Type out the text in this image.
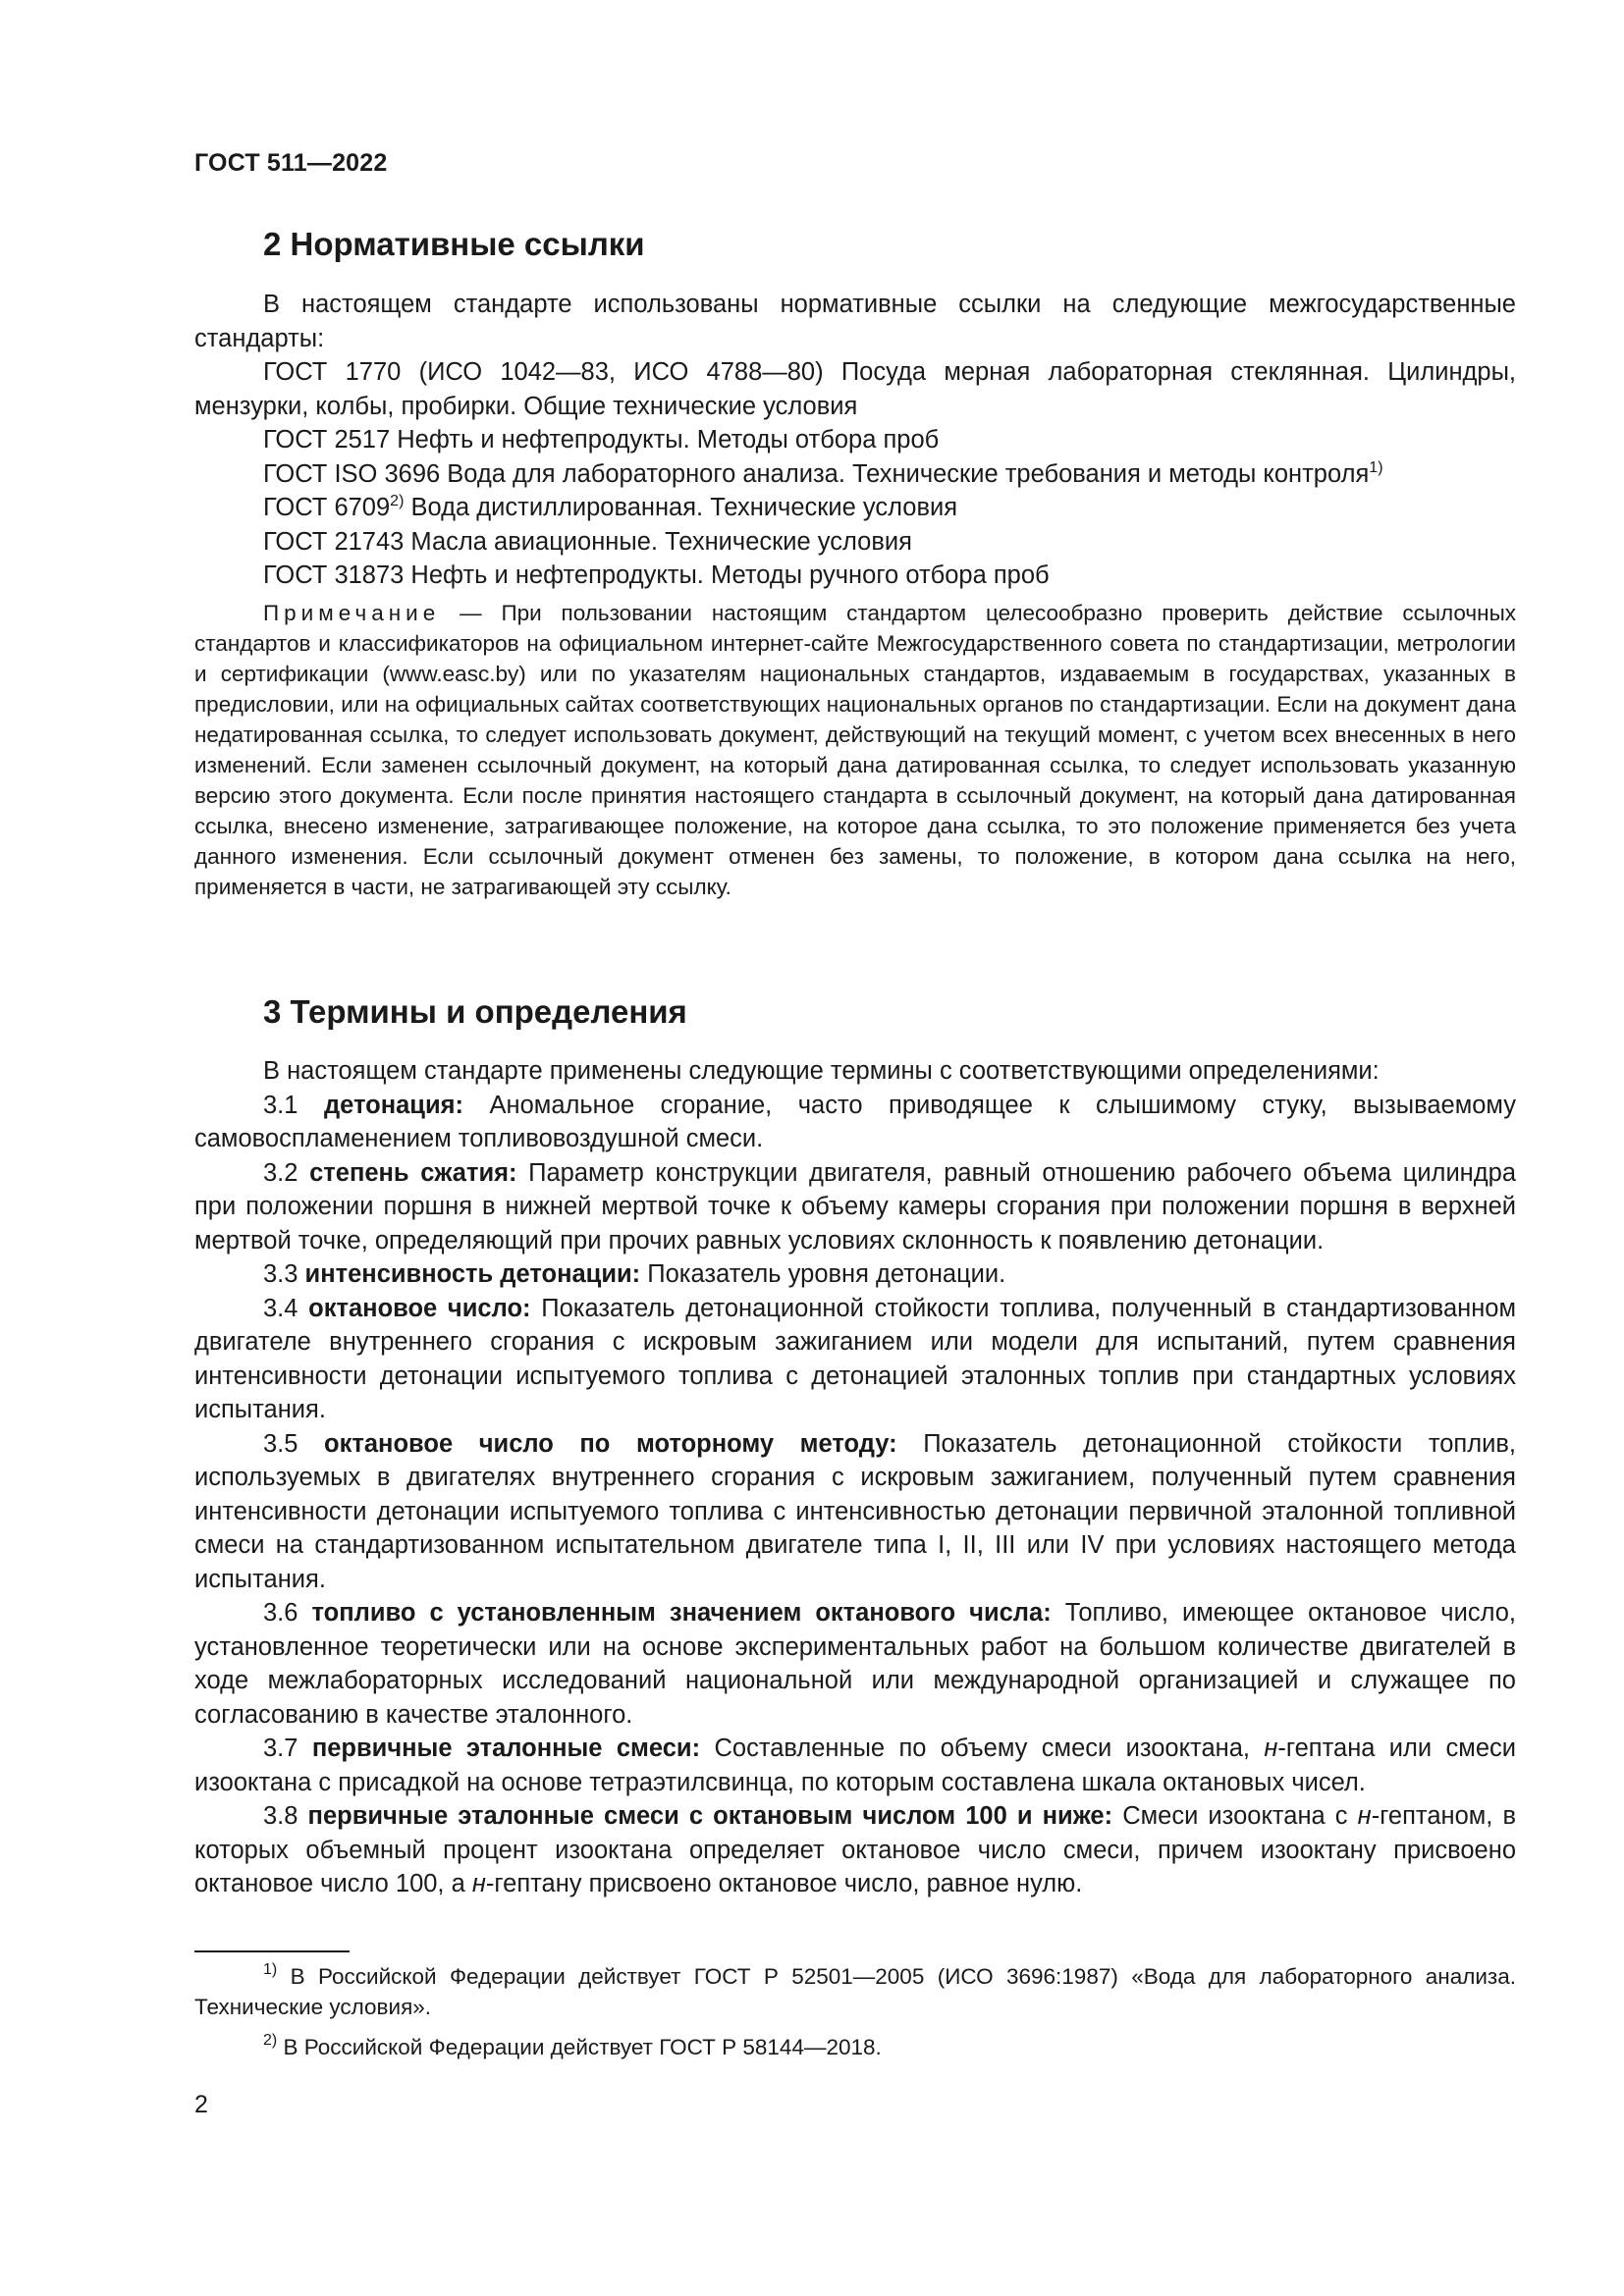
ГОСТ 511—2022
2 Нормативные ссылки

В настоящем стандарте использованы нормативные ссылки на следующие межгосударственные стандарты:

ГОСТ 1770 (ИСО 1042—83, ИСО 4788—80) Посуда мерная лабораторная стеклянная. Цилиндры, мензурки, колбы, пробирки. Общие технические условия

ГОСТ 2517 Нефть и нефтепродукты. Методы отбора проб

ГОСТ ISO 3696 Вода для лабораторного анализа. Технические требования и методы контроля$^{1)}$

ГОСТ 6709$^{2)}$ Вода дистиллированная. Технические условия

ГОСТ 21743 Масла авиационные. Технические условия

ГОСТ 31873 Нефть и нефтепродукты. Методы ручного отбора проб

Примечание — При пользовании настоящим стандартом целесообразно проверить действие ссылочных стандартов и классификаторов на официальном интернет-сайте Межгосударственного совета по стандартизации, метрологии и сертификации (www.easc.by) или по указателям национальных стандартов, издаваемым в государствах, указанных в предисловии, или на официальных сайтах соответствующих национальных органов по стандартизации. Если на документ дана недатированная ссылка, то следует использовать документ, действующий на текущий момент, с учетом всех внесенных в него изменений. Если заменен ссылочный документ, на который дана датированная ссылка, то следует использовать указанную версию этого документа. Если после принятия настоящего стандарта в ссылочный документ, на который дана датированная ссылка, внесено изменение, затрагивающее положение, на которое дана ссылка, то это положение применяется без учета данного изменения. Если ссылочный документ отменен без замены, то положение, в котором дана ссылка на него, применяется в части, не затрагивающей эту ссылку.

3 Термины и определения

В настоящем стандарте применены следующие термины с соответствующими определениями:

3.1 детонация: Аномальное сгорание, часто приводящее к слышимому стуку, вызываемому самовоспламенением топливовоздушной смеси.

3.2 степень сжатия: Параметр конструкции двигателя, равный отношению рабочего объема цилиндра при положении поршня в нижней мертвой точке к объему камеры сгорания при положении поршня в верхней мертвой точке, определяющий при прочих равных условиях склонность к появлению детонации.

3.3 интенсивность детонации: Показатель уровня детонации.

3.4 октановое число: Показатель детонационной стойкости топлива, полученный в стандартизованном двигателе внутреннего сгорания с искровым зажиганием или модели для испытаний, путем сравнения интенсивности детонации испытуемого топлива с детонацией эталонных топлив при стандартных условиях испытания.

3.5 октановое число по моторному методу: Показатель детонационной стойкости топлив, используемых в двигателях внутреннего сгорания с искровым зажиганием, полученный путем сравнения интенсивности детонации испытуемого топлива с интенсивностью детонации первичной эталонной топливной смеси на стандартизованном испытательном двигателе типа I, II, III или IV при условиях настоящего метода испытания.

3.6 топливо с установленным значением октанового числа: Топливо, имеющее октановое число, установленное теоретически или на основе экспериментальных работ на большом количестве двигателей в ходе межлабораторных исследований национальной или международной организацией и служащее по согласованию в качестве эталонного.

3.7 первичные эталонные смеси: Составленные по объему смеси изооктана, н-гептана или смеси изооктана с присадкой на основе тетраэтилсвинца, по которым составлена шкала октановых чисел.

3.8 первичные эталонные смеси с октановым числом 100 и ниже: Смеси изооктана с н-гептаном, в которых объемный процент изооктана определяет октановое число смеси, причем изооктану присвоено октановое число 100, а н-гептану присвоено октановое число, равное нулю.

$^{1)}$ В Российской Федерации действует ГОСТ Р 52501—2005 (ИСО 3696:1987) «Вода для лабораторного анализа. Технические условия».

$^{2)}$ В Российской Федерации действует ГОСТ Р 58144—2018.

2
